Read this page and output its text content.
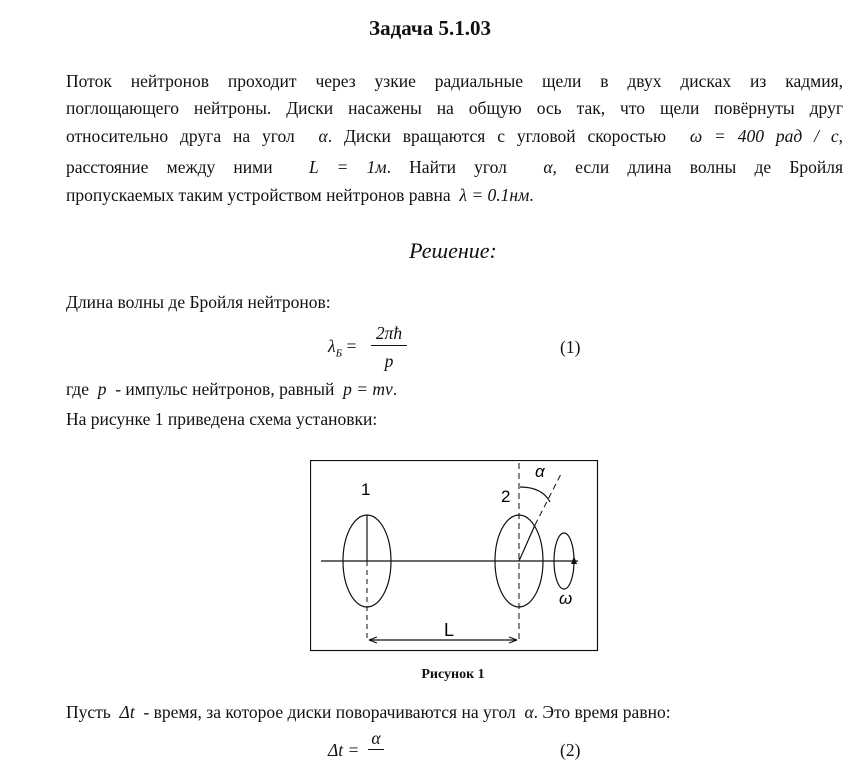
Задача 5.1.03
Поток нейтронов проходит через узкие радиальные щели в двух дисках из кадмия,
поглощающего нейтроны. Диски насажены на общую ось так, что щели повёрнуты друг
относительно друга на угол α. Диски вращаются с угловой скоростью ω = 400 рад / с,
расстояние между ними L = 1м. Найти угол α, если длина волны де Бройля
пропускаемых таким устройством нейтронов равна λ = 0.1нм.
Решение:
Длина волны де Бройля нейтронов:
$\lambda_Б$ =
2πħ
p
(1)
где p - импульс нейтронов, равный p = mv.
На рисунке 1 приведена схема установки:
1	2
α
ω
L
Рисунок 1
Пусть Δt - время, за которое диски поворачиваются на угол α. Это время равно:
Δt =
α
(2)
